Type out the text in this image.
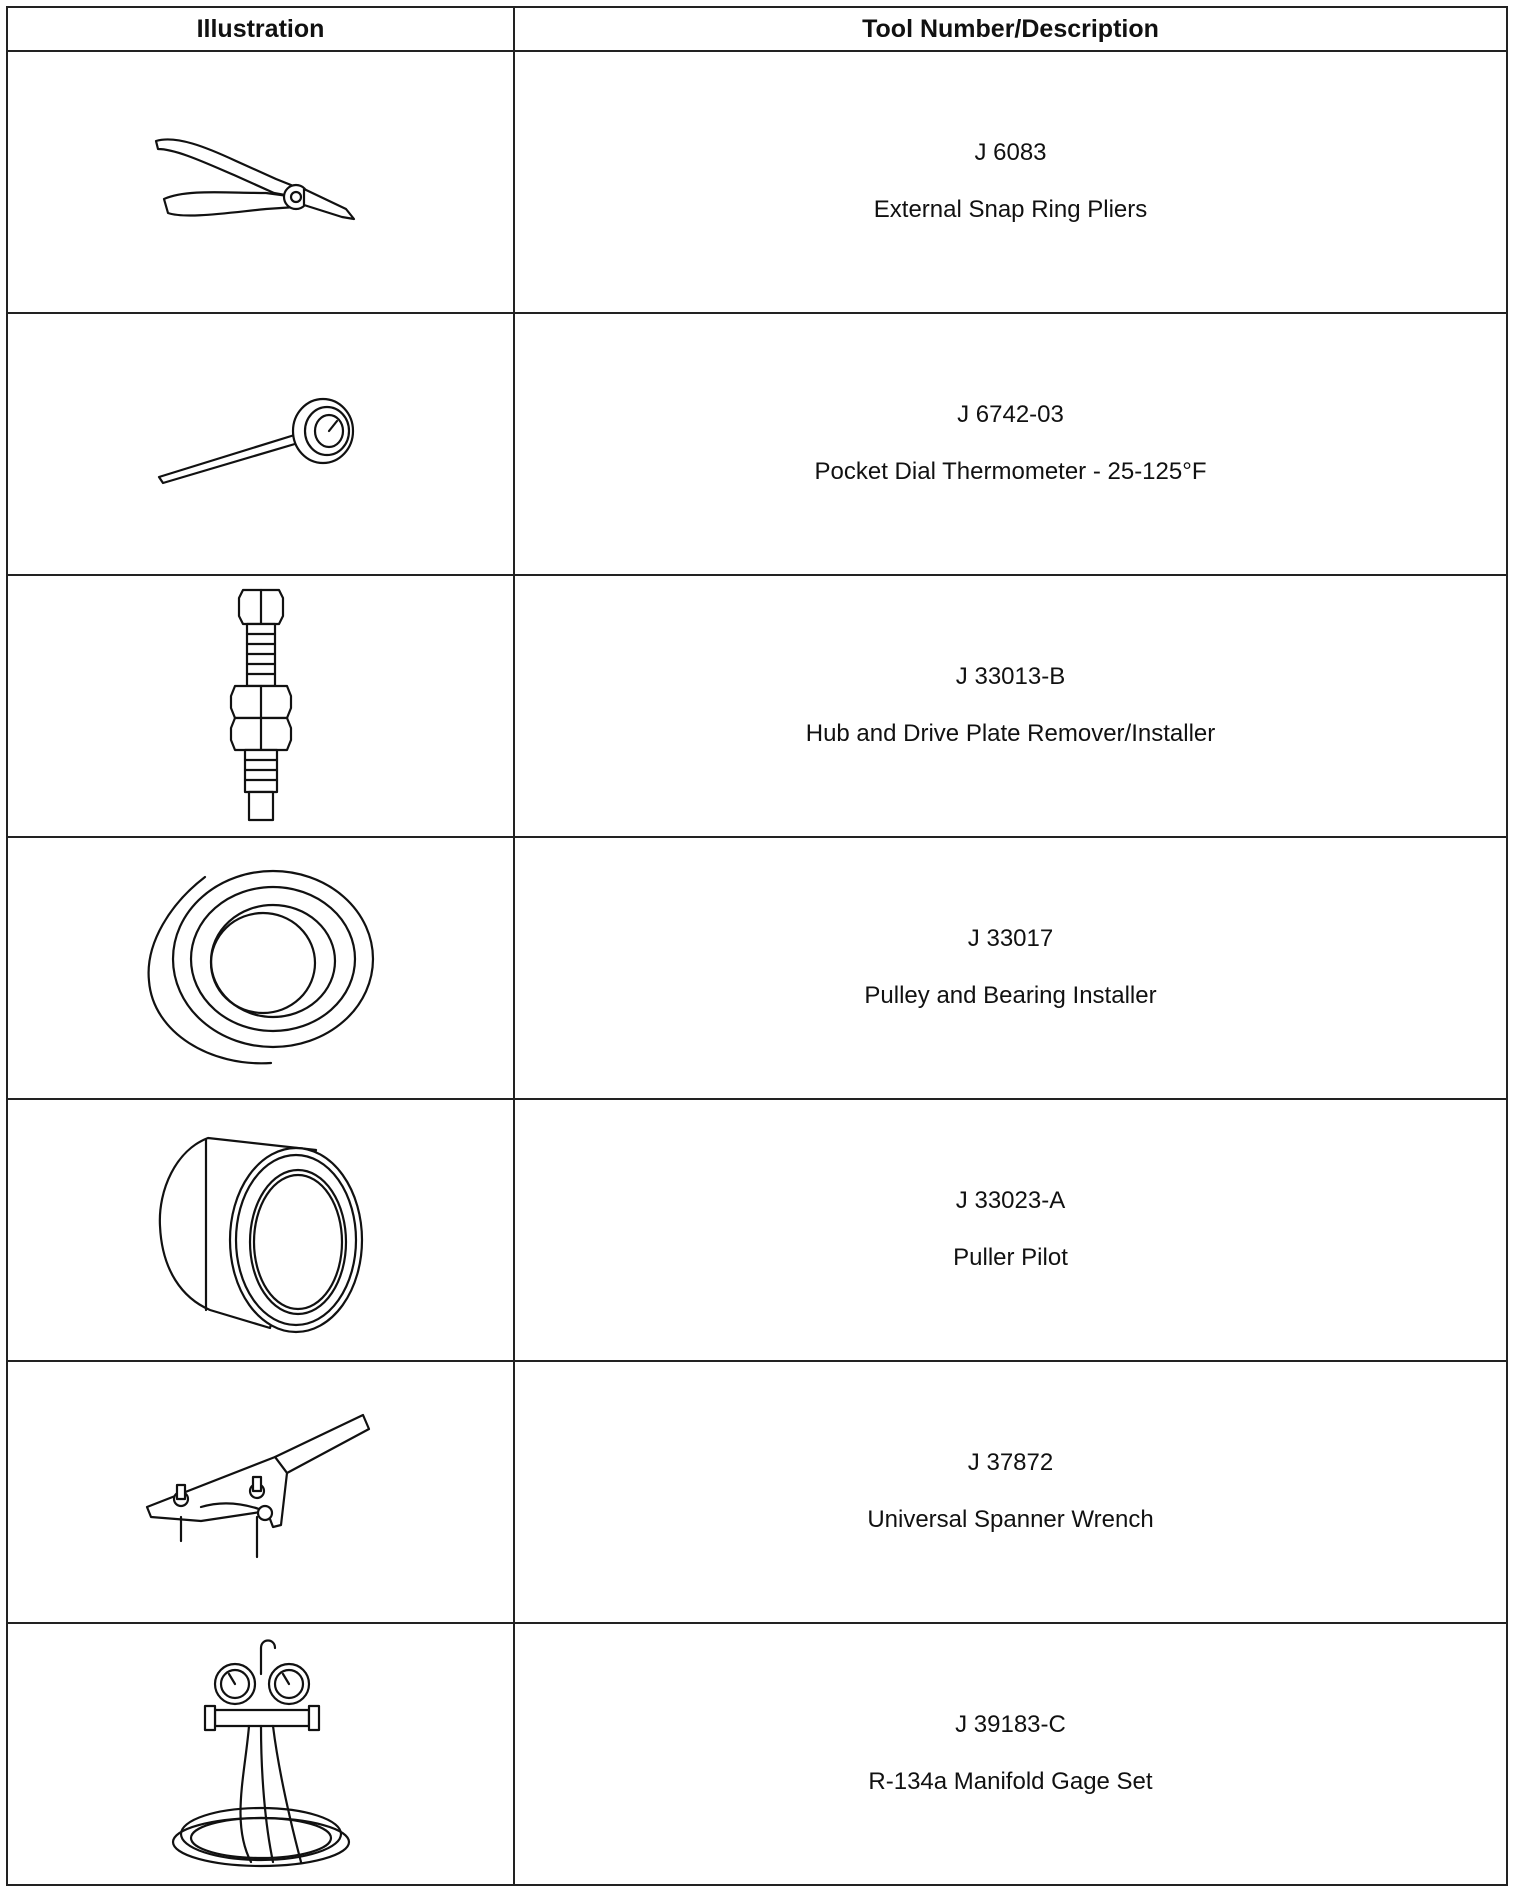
Illustration	Tool Number/Description

J 6083
External Snap Ring Pliers

J 6742-03
Pocket Dial Thermometer - 25-125°F

J 33013-B
Hub and Drive Plate Remover/Installer

J 33017
Pulley and Bearing Installer

J 33023-A
Puller Pilot

J 37872
Universal Spanner Wrench

J 39183-C
R-134a Manifold Gage Set
